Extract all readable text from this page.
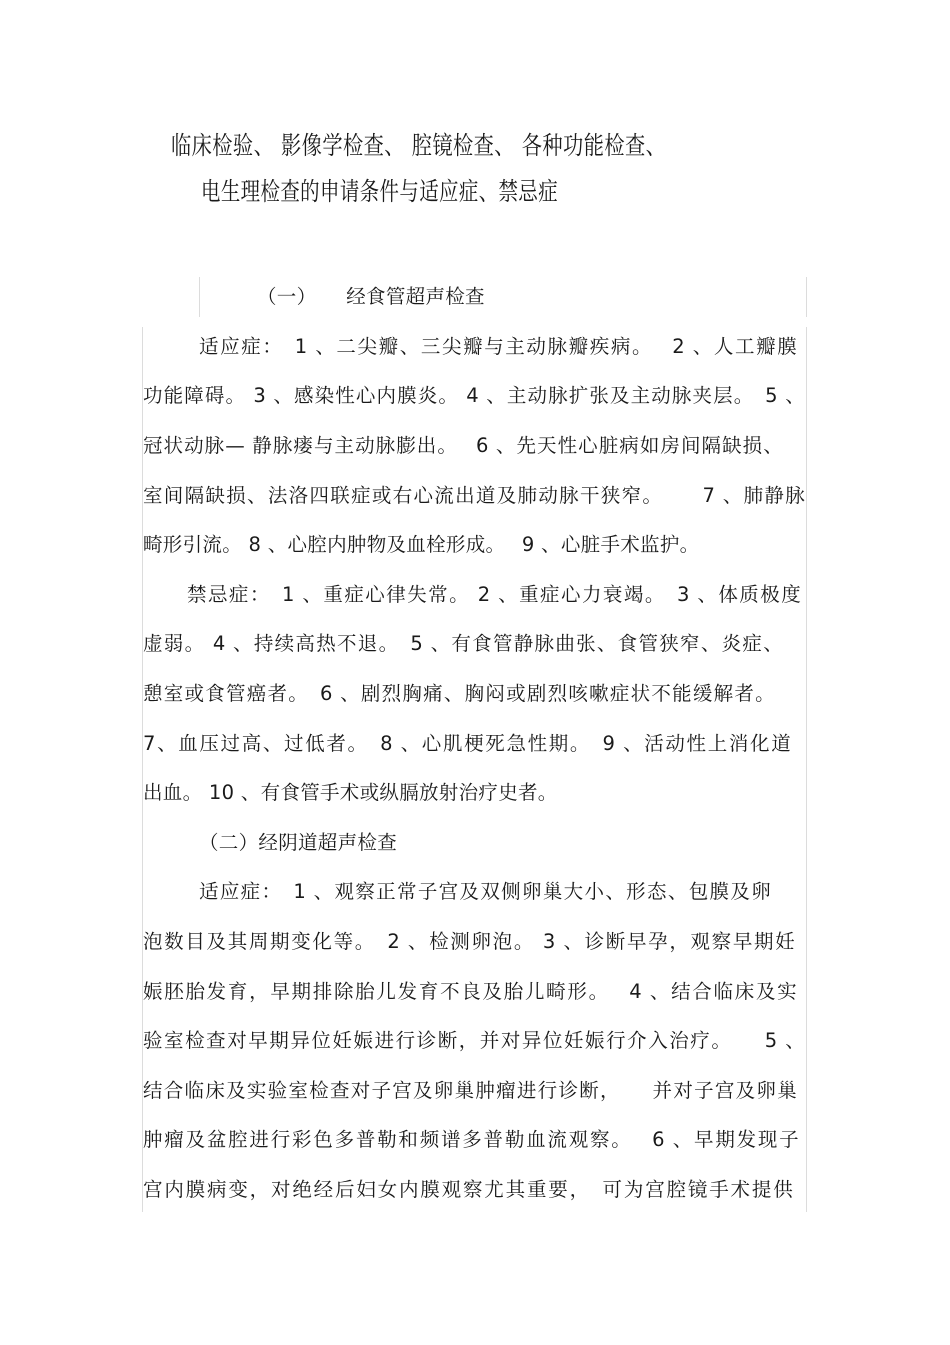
临床检验、 影像学检查、 腔镜检查、 各种功能检查、
电生理检查的申请条件与适应症、禁忌症
（一）　　经食管超声检查
适应症：　1 、二尖瓣、三尖瓣与主动脉瓣疾病。　 2 、人工瓣膜
功能障碍。 3 、感染性心内膜炎。 4 、主动脉扩张及主动脉夹层。　5 、
冠状动脉— 静脉瘘与主动脉膨出。　 6 、先天性心脏病如房间隔缺损、
室间隔缺损、法洛四联症或右心流出道及肺动脉干狭窄。　　 7 、肺静脉
畸形引流。 8 、心腔内肿物及血栓形成。　 9 、心脏手术监护。
禁忌症：　1 、重症心律失常。 2 、重症心力衰竭。　3 、体质极度
虚弱。 4 、持续高热不退。　5 、有食管静脉曲张、食管狭窄、炎症、
憩室或食管癌者。　6 、剧烈胸痛、胸闷或剧烈咳嗽症状不能缓解者。
7、血压过高、过低者。　8 、心肌梗死急性期。　9 、活动性上消化道
出血。 10 、有食管手术或纵膈放射治疗史者。
（二）经阴道超声检查
适应症：　1 、观察正常子宫及双侧卵巢大小、形态、包膜及卵
泡数目及其周期变化等。　2 、检测卵泡。 3 、诊断早孕，观察早期妊
娠胚胎发育，早期排除胎儿发育不良及胎儿畸形。　 4 、结合临床及实
验室检查对早期异位妊娠进行诊断，并对异位妊娠行介入治疗。　　5 、
结合临床及实验室检查对子宫及卵巢肿瘤进行诊断，　　并对子宫及卵巢
肿瘤及盆腔进行彩色多普勒和频谱多普勒血流观察。　 6 、早期发现子
宫内膜病变，对绝经后妇女内膜观察尤其重要，　可为宫腔镜手术提供
